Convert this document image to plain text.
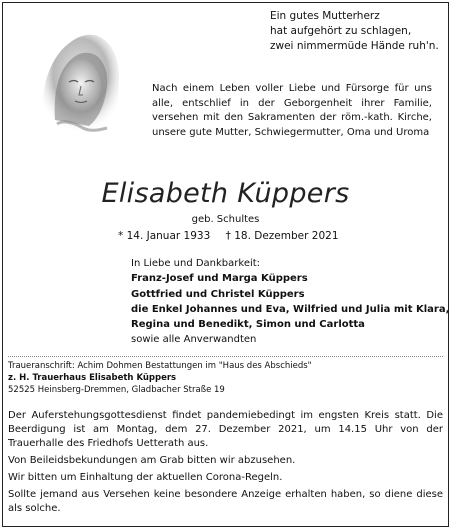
Ein gutes Mutterherz
hat aufgehört zu schlagen,
zwei nimmermüde Hände ruh'n.
Nach einem Leben voller Liebe und Fürsorge für uns alle, entschlief in der Geborgenheit ihrer Familie, versehen mit den Sakramenten der röm.-kath. Kirche, unsere gute Mutter, Schwiegermutter, Oma und Uroma
Elisabeth Küppers
geb. Schultes
* 14. Januar 1933 † 18. Dezember 2021
In Liebe und Dankbarkeit:
Franz-Josef und Marga Küppers
Gottfried und Christel Küppers
die Enkel Johannes und Eva, Wilfried und Julia mit Klara,
Regina und Benedikt, Simon und Carlotta
sowie alle Anverwandten
Traueranschrift: Achim Dohmen Bestattungen im "Haus des Abschieds"
z. H. Trauerhaus Elisabeth Küppers
52525 Heinsberg-Dremmen, Gladbacher Straße 19

Der Auferstehungsgottesdienst findet pandemiebedingt im engsten Kreis statt. Die Beerdigung ist am Montag, dem 27. Dezember 2021, um 14.15 Uhr von der Trauerhalle des Friedhofs Uetterath aus.

Von Beileidsbekundungen am Grab bitten wir abzusehen.

Wir bitten um Einhaltung der aktuellen Corona-Regeln.

Sollte jemand aus Versehen keine besondere Anzeige erhalten haben, so diene diese als solche.
